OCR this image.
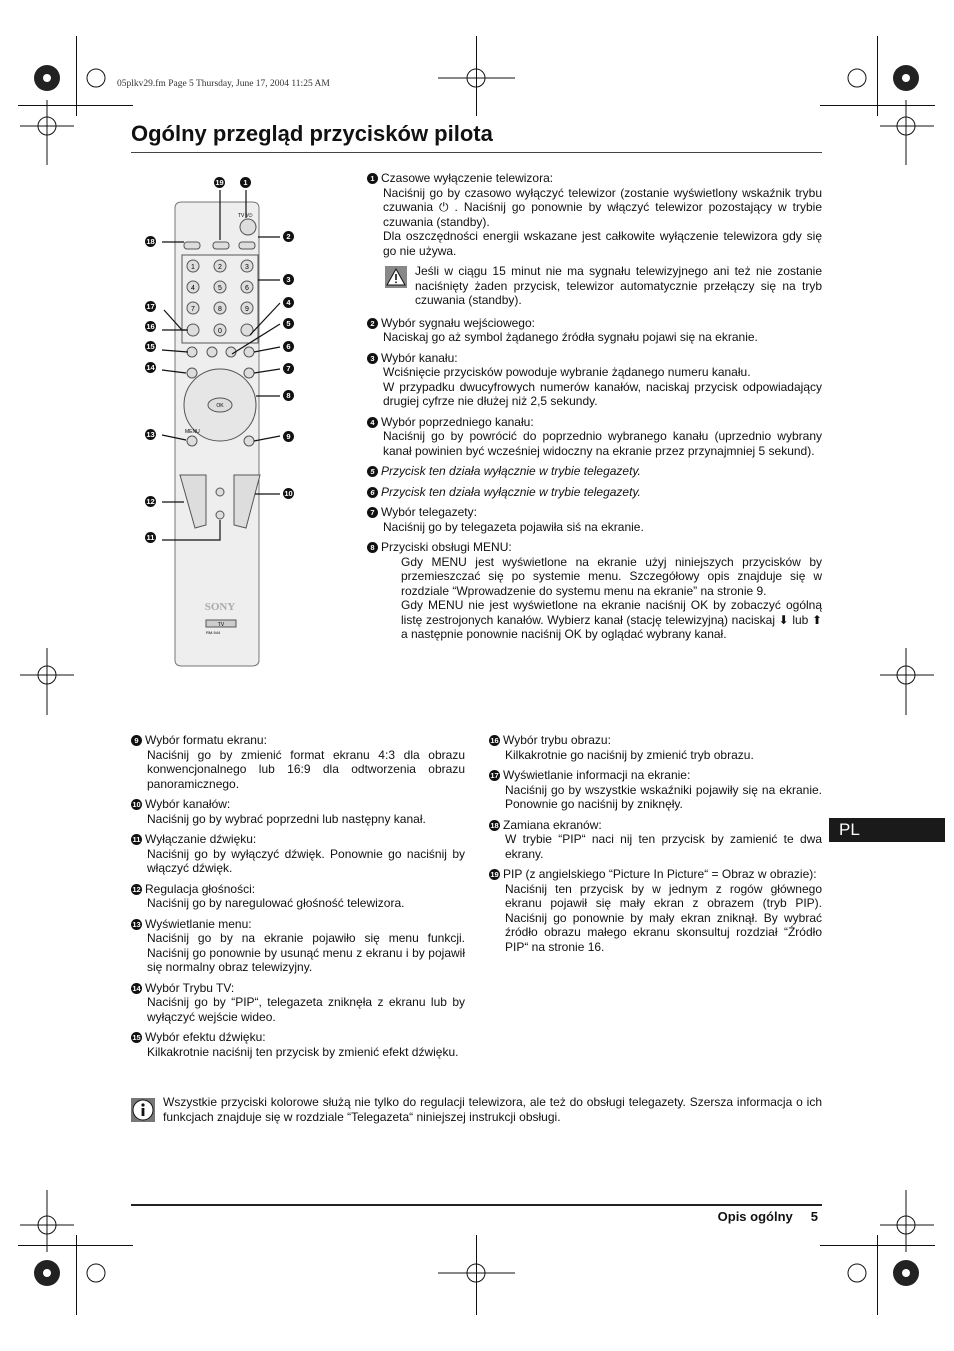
05plkv29.fm Page 5 Thursday, June 17, 2004 11:25 AM
Ogólny przegląd przycisków pilota
TV I/⏻
1	2	3
4	5	6
7	8	9
0
OK
MENU
SONY
TV
RM-944
19	1
2
18
3
4
17
5
16
6
15
7
14
8
13	9
10
12
11
1 Czasowe wyłączenie telewizora:
Naciśnij go by czasowo wyłączyć telewizor (zostanie wyświetlony wskaźnik trybu czuwania ⏻ . Naciśnij go ponownie by włączyć telewizor pozostający w trybie czuwania (standby).
Dla oszczędności energii wskazane jest całkowite wyłączenie telewizora gdy się go nie używa.
Jeśli w ciągu 15 minut nie ma sygnału telewizyjnego ani też nie zostanie naciśnięty żaden przycisk, telewizor automatycznie przełączy się na tryb czuwania (standby).
2 Wybór sygnału wejściowego:
Naciskaj go aż symbol żądanego źródła sygnału pojawi się na ekranie.
3 Wybór kanału:
Wciśnięcie przycisków powoduje wybranie żądanego numeru kanału.
W przypadku dwucyfrowych numerów kanałów, naciskaj przycisk odpowiadający drugiej cyfrze nie dłużej niż 2,5 sekundy.
4 Wybór poprzedniego kanału:
Naciśnij go by powrócić do poprzednio wybranego kanału (uprzednio wybrany kanał powinien być wcześniej widoczny na ekranie przez przynajmniej 5 sekund).
5 Przycisk ten działa wyłącznie w trybie telegazety.
6 Przycisk ten działa wyłącznie w trybie telegazety.
7 Wybór telegazety:
Naciśnij go by telegazeta pojawiła siś na ekranie.
8 Przyciski obsługi MENU:
Gdy MENU jest wyświetlone na ekranie użyj niniejszych przycisków by przemieszczać się po systemie menu. Szczegółowy opis znajduje się w rozdziale “Wprowadzenie do systemu menu na ekranie” na stronie 9.
Gdy MENU nie jest wyświetlone na ekranie naciśnij OK by zobaczyć ogólną listę zestrojonych kanałów. Wybierz kanał (stację telewizyjną) naciskaj ⬇ lub ⬆ a następnie ponownie naciśnij OK by oglądać wybrany kanał.
9 Wybór formatu ekranu:
Naciśnij go by zmienić format ekranu 4:3 dla obrazu konwencjonalnego lub 16:9 dla odtworzenia obrazu panoramicznego.
10 Wybór kanałów:
Naciśnij go by wybrać poprzedni lub następny kanał.
11 Wyłączanie dźwięku:
Naciśnij go by wyłączyć dźwięk. Ponownie go naciśnij by włączyć dźwięk.
12 Regulacja głośności:
Naciśnij go by naregulować głośność telewizora.
13 Wyświetlanie menu:
Naciśnij go by na ekranie pojawiło się menu funkcji. Naciśnij go ponownie by usunąć menu z ekranu i by pojawił się normalny obraz telewizyjny.
14 Wybór Trybu TV:
Naciśnij go by “PIP“, telegazeta zniknęła z ekranu lub by wyłączyć wejście wideo.
15 Wybór efektu dźwięku:
Kilkakrotnie naciśnij ten przycisk by zmienić efekt dźwięku.
16 Wybór trybu obrazu:
Kilkakrotnie go naciśnij by zmienić tryb obrazu.
17 Wyświetlanie informacji na ekranie:
Naciśnij go by wszystkie wskaźniki pojawiły się na ekranie. Ponownie go naciśnij by zniknęły.
18 Zamiana ekranów:
W trybie “PIP“ naci nij ten przycisk by zamienić te dwa ekrany.
19 PIP (z angielskiego “Picture In Picture“ = Obraz w obrazie):
Naciśnij ten przycisk by w jednym z rogów głównego ekranu pojawił się mały ekran z obrazem (tryb PIP). Naciśnij go ponownie by mały ekran zniknął. By wybrać źródło obrazu małego ekranu skonsultuj rozdział “Źródło PIP“ na stronie 16.
PL
Wszystkie przyciski kolorowe służą nie tylko do regulacji telewizora, ale też do obsługi telegazety. Szersza informacja o ich funkcjach znajduje się w rozdziale “Telegazeta“ niniejszej instrukcji obsługi.
Opis ogólny 5
